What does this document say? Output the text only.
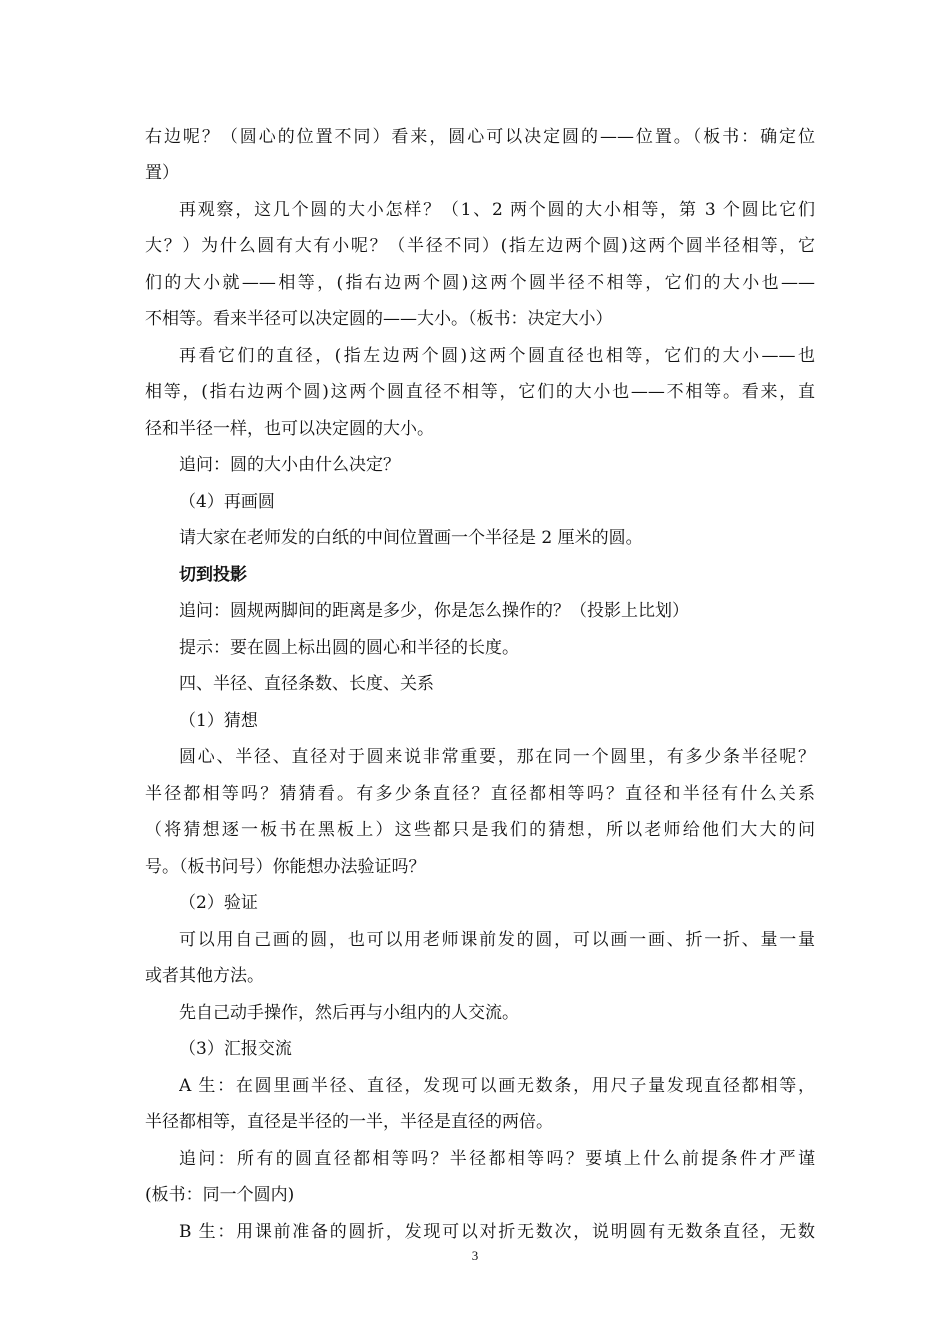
右边呢？（圆心的位置不同）看来，圆心可以决定圆的——位置。（板书：确定位
置）
再观察，这几个圆的大小怎样？（1、2 两个圆的大小相等，第 3 个圆比它们
大？）为什么圆有大有小呢？（半径不同）(指左边两个圆)这两个圆半径相等，它
们的大小就——相等，(指右边两个圆)这两个圆半径不相等，它们的大小也——
不相等。看来半径可以决定圆的——大小。（板书：决定大小）
再看它们的直径，(指左边两个圆)这两个圆直径也相等，它们的大小——也
相等，(指右边两个圆)这两个圆直径不相等，它们的大小也——不相等。看来，直
径和半径一样，也可以决定圆的大小。
追问：圆的大小由什么决定？
（4）再画圆
请大家在老师发的白纸的中间位置画一个半径是 2 厘米的圆。
切到投影
追问：圆规两脚间的距离是多少，你是怎么操作的？（投影上比划）
提示：要在圆上标出圆的圆心和半径的长度。
四、半径、直径条数、长度、关系
（1）猜想
圆心、半径、直径对于圆来说非常重要，那在同一个圆里，有多少条半径呢？
半径都相等吗？猜猜看。有多少条直径？直径都相等吗？直径和半径有什么关系
（将猜想逐一板书在黑板上）这些都只是我们的猜想，所以老师给他们大大的问
号。（板书问号）你能想办法验证吗？
（2）验证
可以用自己画的圆，也可以用老师课前发的圆，可以画一画、折一折、量一量
或者其他方法。
先自己动手操作，然后再与小组内的人交流。
（3）汇报交流
A 生：在圆里画半径、直径，发现可以画无数条，用尺子量发现直径都相等，
半径都相等，直径是半径的一半，半径是直径的两倍。
追问：所有的圆直径都相等吗？半径都相等吗？要填上什么前提条件才严谨
(板书：同一个圆内)
B 生：用课前准备的圆折，发现可以对折无数次，说明圆有无数条直径，无数
3
